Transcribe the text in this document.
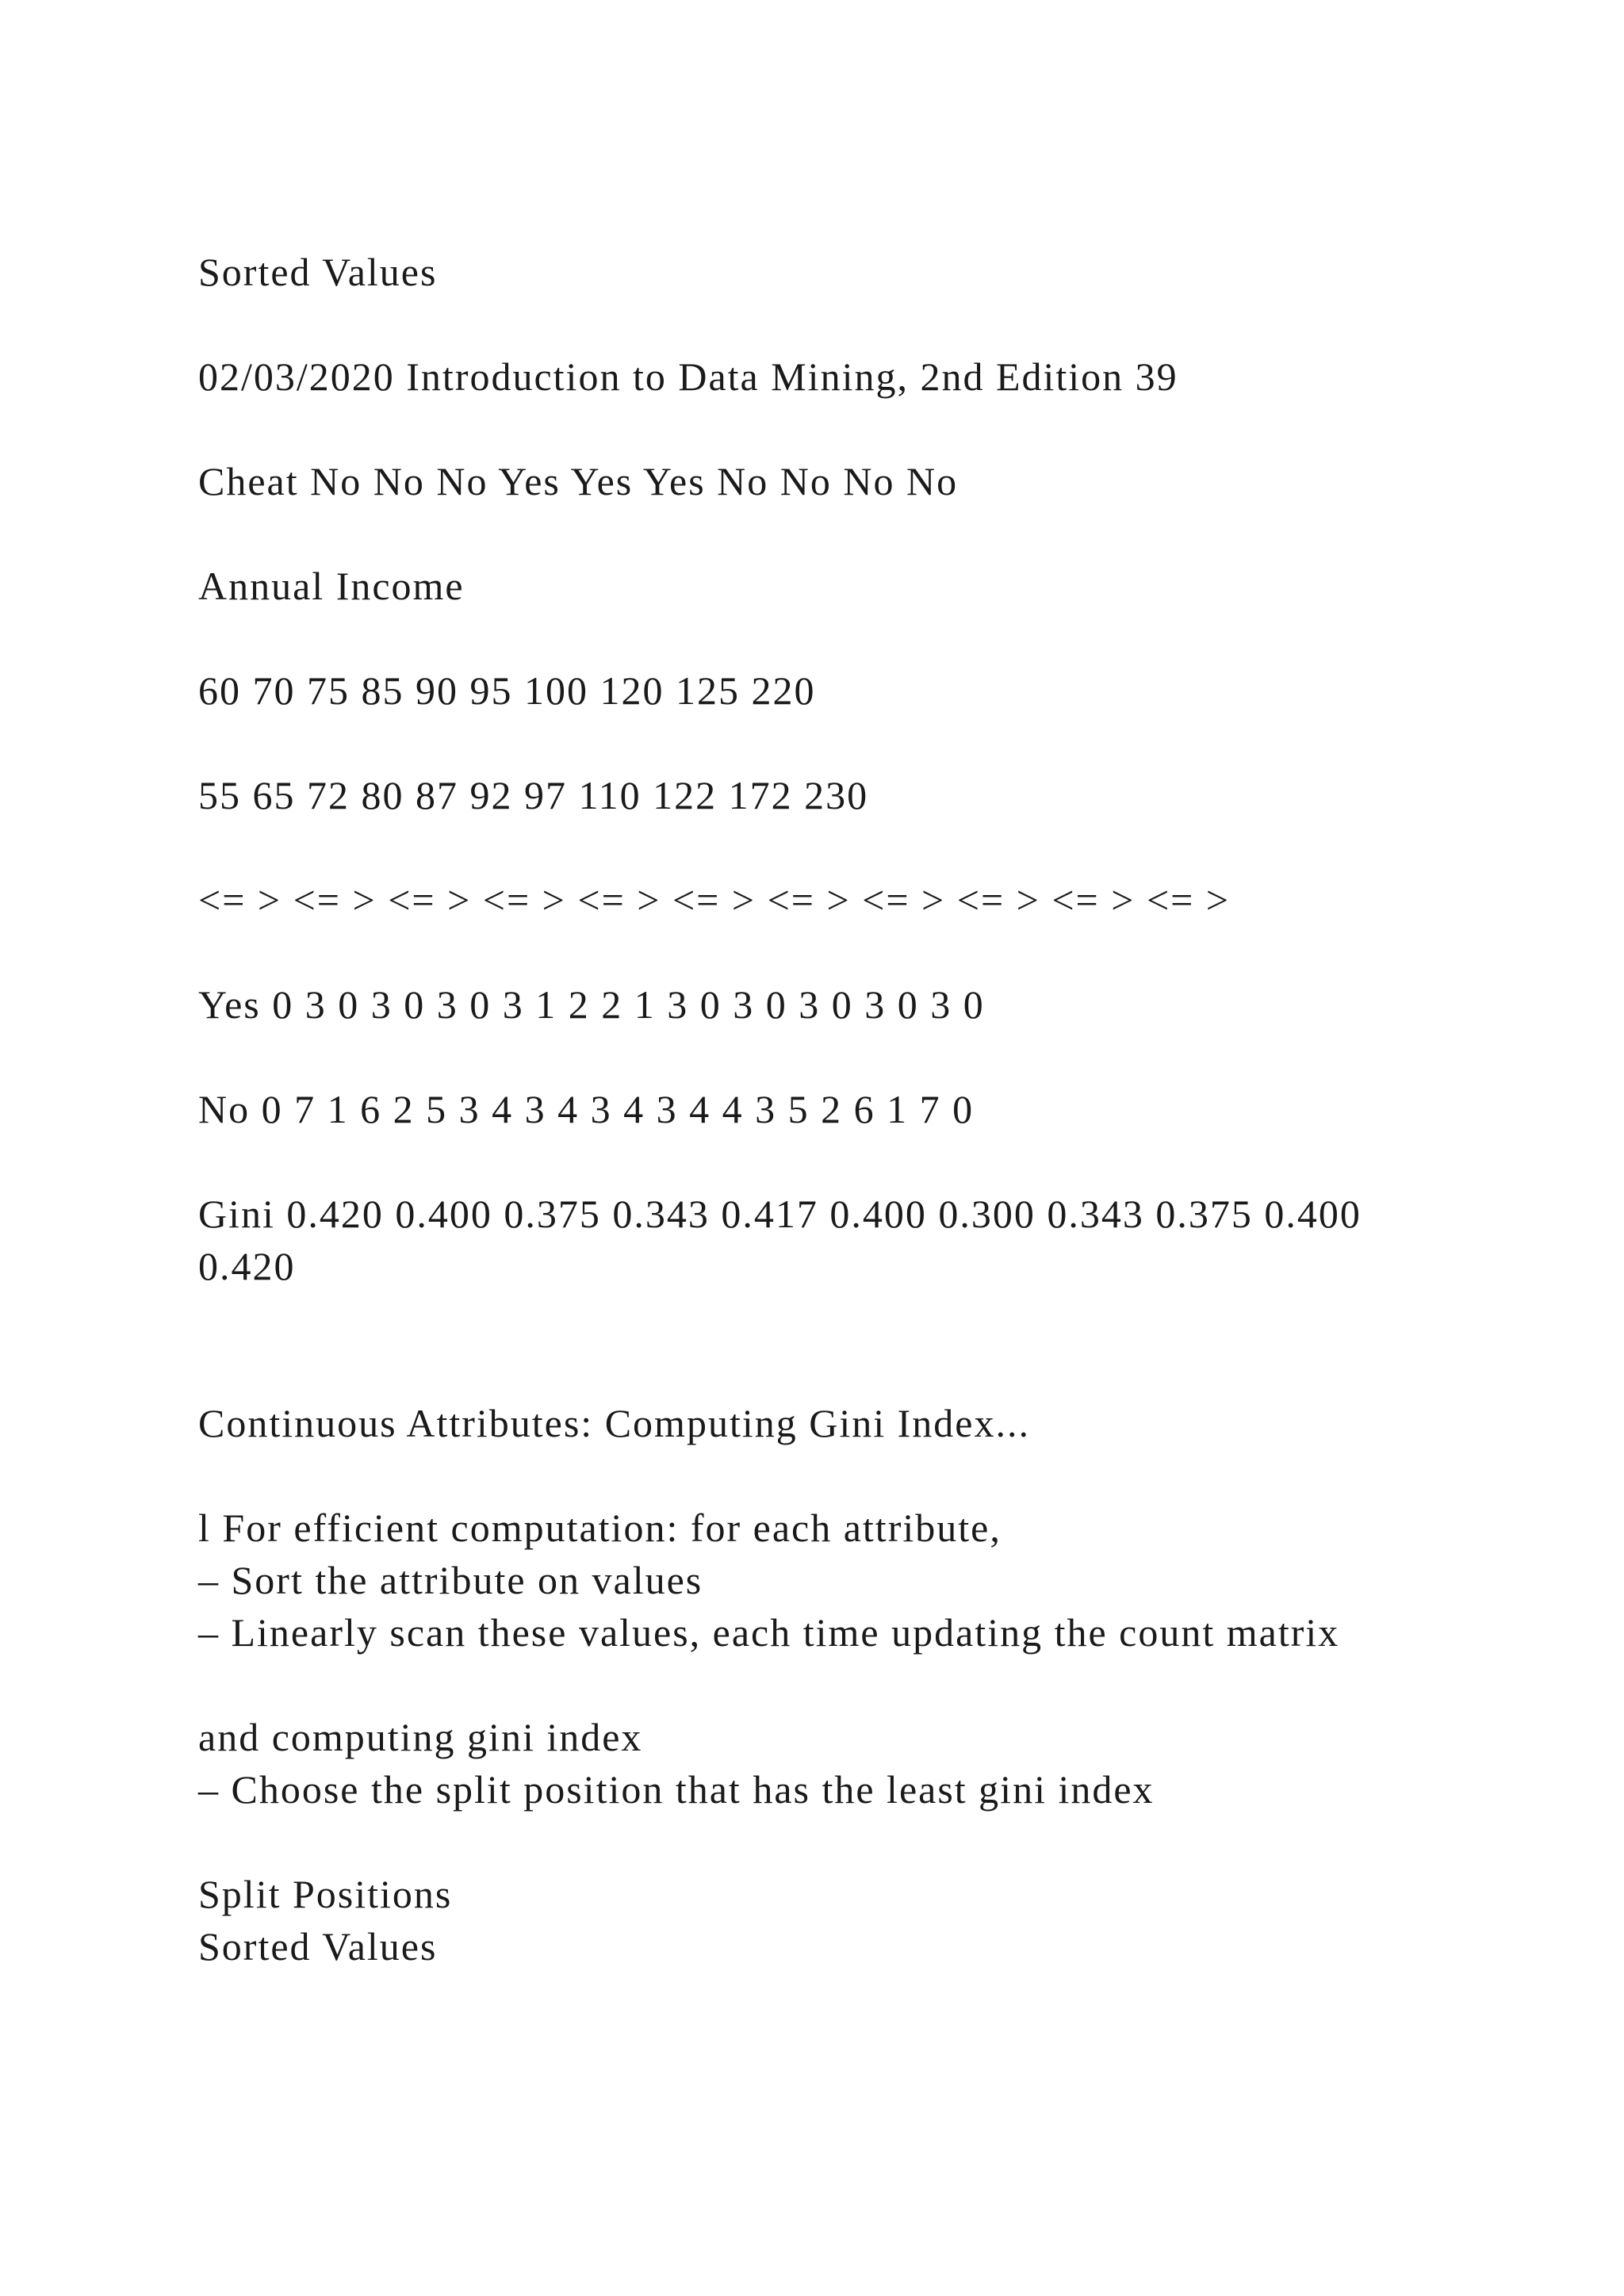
Sorted Values

02/03/2020 Introduction to Data Mining, 2nd Edition 39

Cheat No No No Yes Yes Yes No No No No

Annual Income

60 70 75 85 90 95 100 120 125 220

55 65 72 80 87 92 97 110 122 172 230

<= > <= > <= > <= > <= > <= > <= > <= > <= > <= > <= >

Yes 0 3 0 3 0 3 0 3 1 2 2 1 3 0 3 0 3 0 3 0 3 0

No 0 7 1 6 2 5 3 4 3 4 3 4 3 4 4 3 5 2 6 1 7 0

Gini 0.420 0.400 0.375 0.343 0.417 0.400 0.300 0.343 0.375 0.400 0.420

Continuous Attributes: Computing Gini Index...

l For efficient computation: for each attribute,

– Sort the attribute on values

– Linearly scan these values, each time updating the count matrix

and computing gini index

– Choose the split position that has the least gini index

Split Positions

Sorted Values
